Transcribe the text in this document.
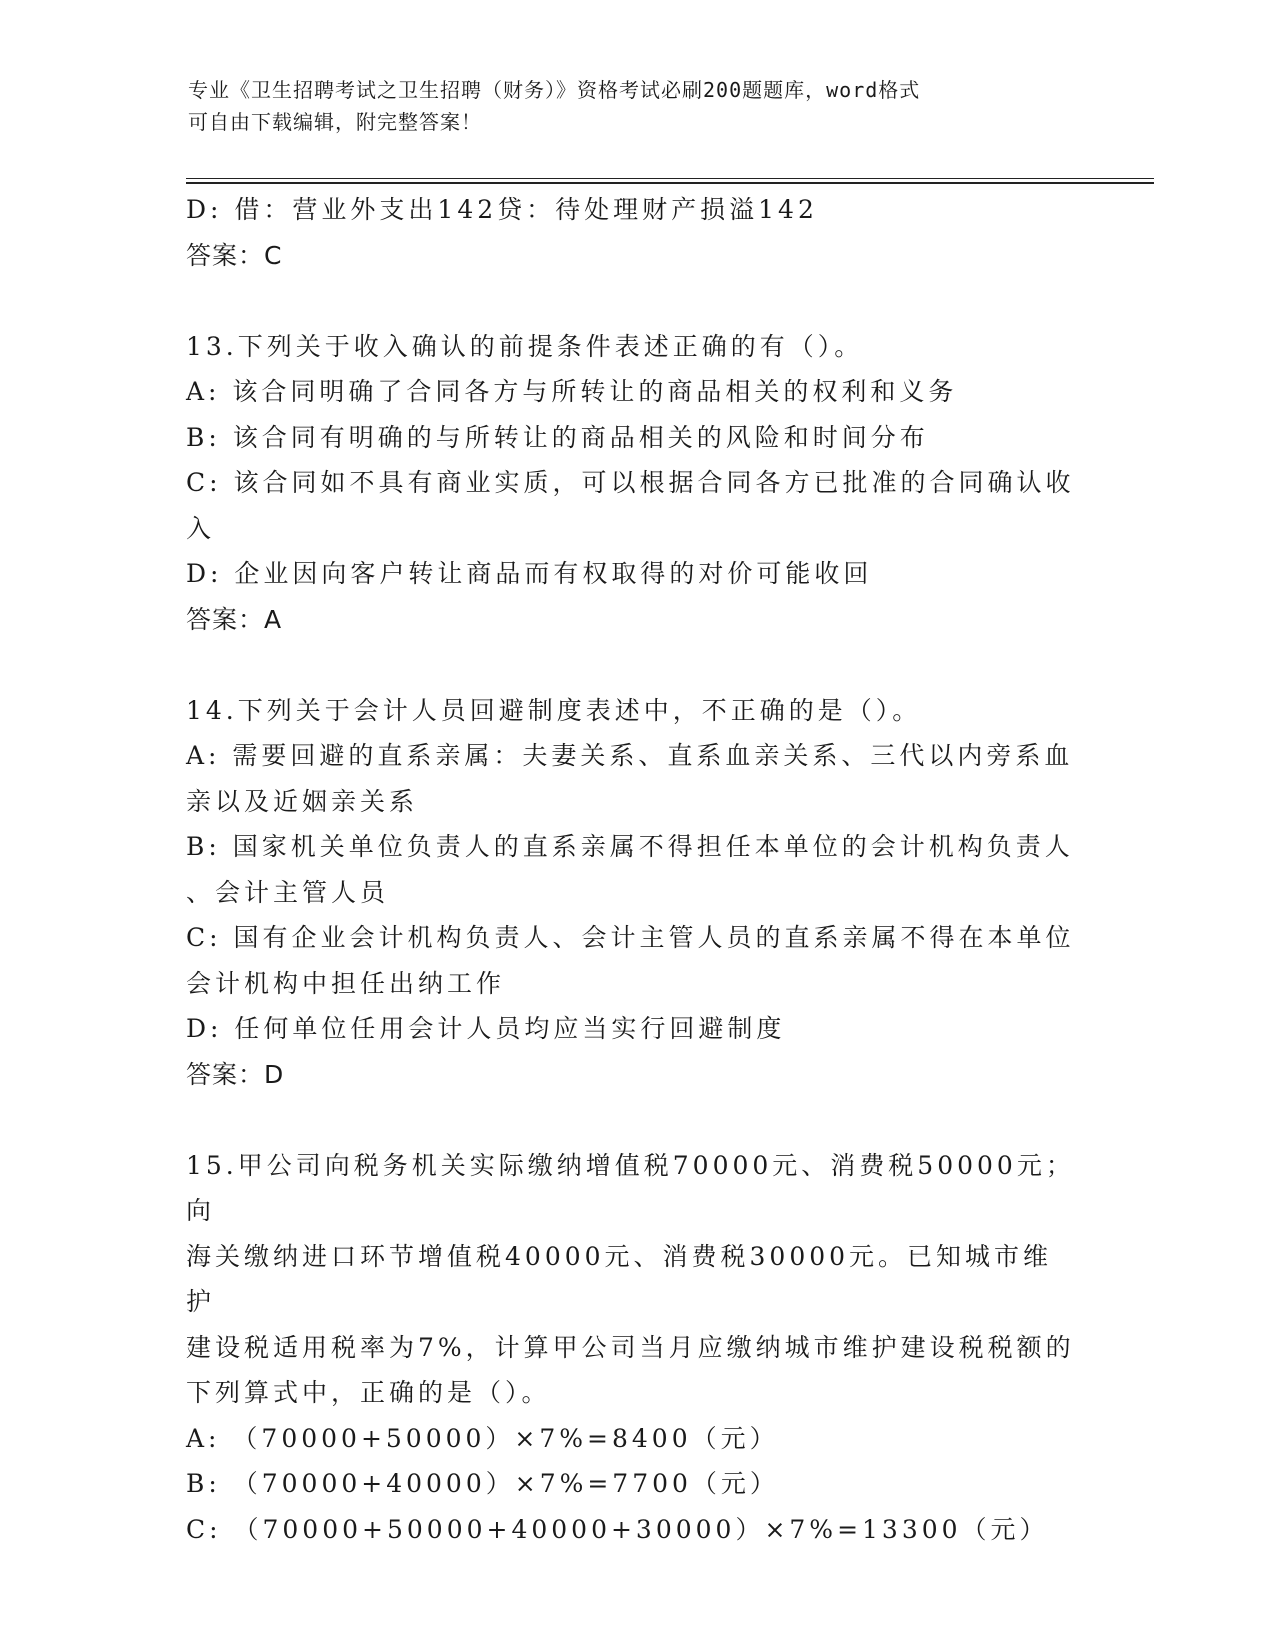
专业《卫生招聘考试之卫生招聘（财务）》资格考试必刷200题题库，word格式
可自由下载编辑，附完整答案！

D: 借：营业外支出142贷：待处理财产损溢142

答案：C

13.下列关于收入确认的前提条件表述正确的有（）。

A: 该合同明确了合同各方与所转让的商品相关的权利和义务

B: 该合同有明确的与所转让的商品相关的风险和时间分布

C: 该合同如不具有商业实质，可以根据合同各方已批准的合同确认收

入

D: 企业因向客户转让商品而有权取得的对价可能收回

答案：A

14.下列关于会计人员回避制度表述中，不正确的是（）。

A: 需要回避的直系亲属：夫妻关系、直系血亲关系、三代以内旁系血

亲以及近姻亲关系

B: 国家机关单位负责人的直系亲属不得担任本单位的会计机构负责人

、会计主管人员

C: 国有企业会计机构负责人、会计主管人员的直系亲属不得在本单位

会计机构中担任出纳工作

D: 任何单位任用会计人员均应当实行回避制度

答案：D

15.甲公司向税务机关实际缴纳增值税70000元、消费税50000元；向

海关缴纳进口环节增值税40000元、消费税30000元。已知城市维护

建设税适用税率为7%，计算甲公司当月应缴纳城市维护建设税税额的

下列算式中，正确的是（）。

A: （70000+50000）×7%=8400（元）

B: （70000+40000）×7%=7700（元）

C: （70000+50000+40000+30000）×7%=13300（元）
